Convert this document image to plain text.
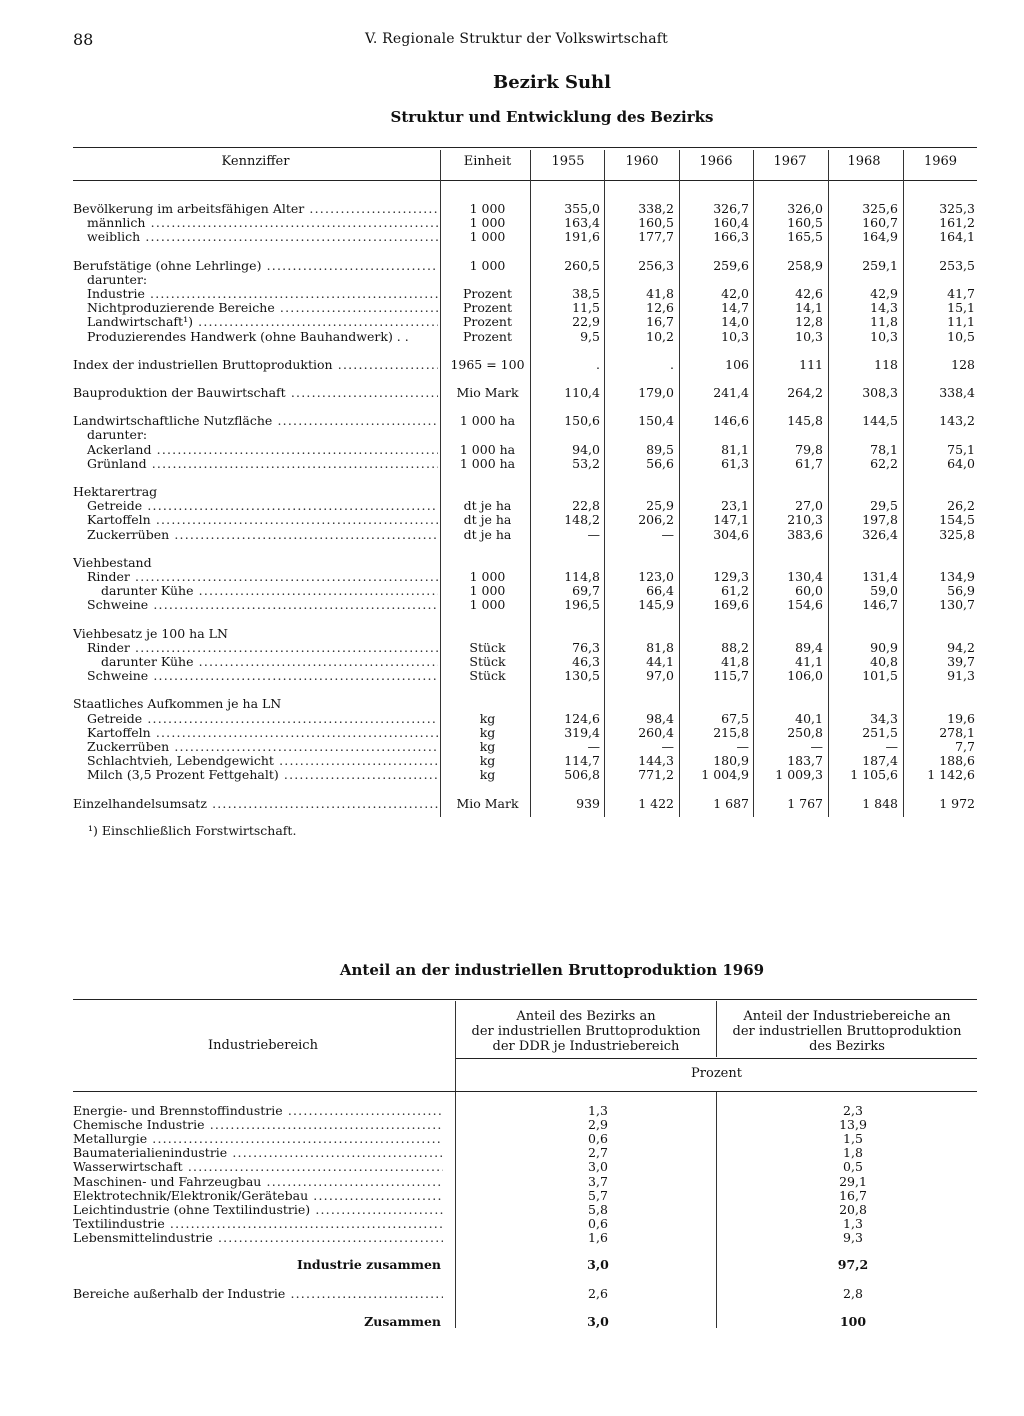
88	V. Regionale Struktur der Volkswirtschaft
Bezirk Suhl
Struktur und Entwicklung des Bezirks
Kennziffer	Einheit	1955	1960	1966	1967	1968	1969
Bevölkerung im arbeitsfähigen Alter .....	1 000	355,0	338,2	326,7	326,0	325,6	325,3
männlich .....	1 000	163,4	160,5	160,4	160,5	160,7	161,2
weiblich .....	1 000	191,6	177,7	166,3	165,5	164,9	164,1
Berufstätige (ohne Lehrlinge) .....	1 000	260,5	256,3	259,6	258,9	259,1	253,5
darunter:
Industrie .....	Prozent	38,5	41,8	42,0	42,6	42,9	41,7
Nichtproduzierende Bereiche .....	Prozent	11,5	12,6	14,7	14,1	14,3	15,1
Landwirtschaft¹) .....	Prozent	22,9	16,7	14,0	12,8	11,8	11,1
Produzierendes Handwerk (ohne Bauhandwerk) . .	Prozent	9,5	10,2	10,3	10,3	10,3	10,5
Index der industriellen Bruttoproduktion .....	1965 = 100	.	.	106	111	118	128
Bauproduktion der Bauwirtschaft .....	Mio Mark	110,4	179,0	241,4	264,2	308,3	338,4
Landwirtschaftliche Nutzfläche .....	1 000 ha	150,6	150,4	146,6	145,8	144,5	143,2
darunter:
Ackerland .....	1 000 ha	94,0	89,5	81,1	79,8	78,1	75,1
Grünland .....	1 000 ha	53,2	56,6	61,3	61,7	62,2	64,0
Hektarertrag
Getreide .....	dt je ha	22,8	25,9	23,1	27,0	29,5	26,2
Kartoffeln .....	dt je ha	148,2	206,2	147,1	210,3	197,8	154,5
Zuckerrüben .....	dt je ha	—	—	304,6	383,6	326,4	325,8
Viehbestand
Rinder .....	1 000	114,8	123,0	129,3	130,4	131,4	134,9
darunter Kühe .....	1 000	69,7	66,4	61,2	60,0	59,0	56,9
Schweine .....	1 000	196,5	145,9	169,6	154,6	146,7	130,7
Viehbesatz je 100 ha LN
Rinder .....	Stück	76,3	81,8	88,2	89,4	90,9	94,2
darunter Kühe .....	Stück	46,3	44,1	41,8	41,1	40,8	39,7
Schweine .....	Stück	130,5	97,0	115,7	106,0	101,5	91,3
Staatliches Aufkommen je ha LN
Getreide .....	kg	124,6	98,4	67,5	40,1	34,3	19,6
Kartoffeln .....	kg	319,4	260,4	215,8	250,8	251,5	278,1
Zuckerrüben .....	kg	—	—	—	—	—	7,7
Schlachtvieh, Lebendgewicht .....	kg	114,7	144,3	180,9	183,7	187,4	188,6
Milch (3,5 Prozent Fettgehalt) .....	kg	506,8	771,2	1 004,9	1 009,3	1 105,6	1 142,6
Einzelhandelsumsatz .....	Mio Mark	939	1 422	1 687	1 767	1 848	1 972
¹) Einschließlich Forstwirtschaft.
Anteil an der industriellen Bruttoproduktion 1969
Industriebereich
Anteil des Bezirks an
der industriellen Bruttoproduktion
der DDR je Industriebereich
Anteil der Industriebereiche an
der industriellen Bruttoproduktion
des Bezirks
Prozent
Energie- und Brennstoffindustrie .....	1,3	2,3
Chemische Industrie .....	2,9	13,9
Metallurgie .....	0,6	1,5
Baumaterialienindustrie .....	2,7	1,8
Wasserwirtschaft .....	3,0	0,5
Maschinen- und Fahrzeugbau .....	3,7	29,1
Elektrotechnik/Elektronik/Gerätebau .....	5,7	16,7
Leichtindustrie (ohne Textilindustrie) .....	5,8	20,8
Textilindustrie .....	0,6	1,3
Lebensmittelindustrie .....	1,6	9,3
Industrie zusammen	3,0	97,2
Bereiche außerhalb der Industrie .....	2,6	2,8
Zusammen	3,0	100
